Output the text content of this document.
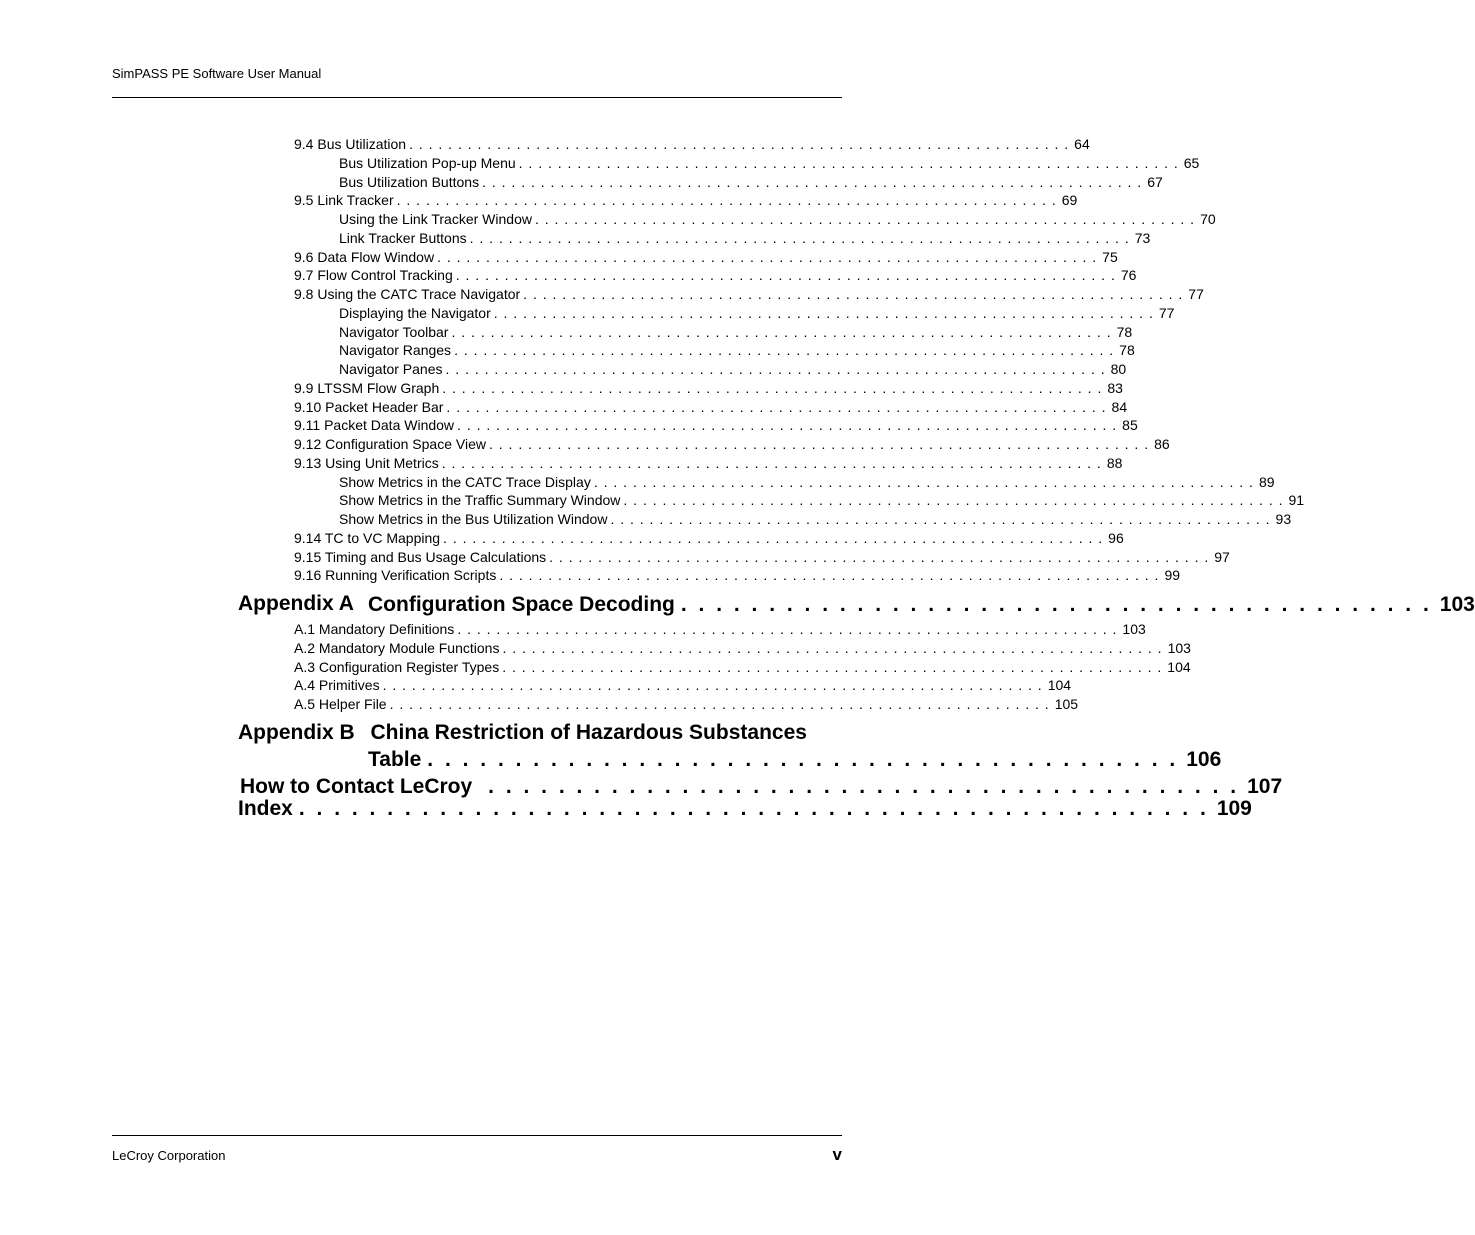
SimPASS PE Software User Manual
9.4 Bus Utilization . . . . . . . . . . . . . . . . . . . . . . . . . . . . . . . . . . . . . . . . . . . . . . . . . . . . . . . . . . . . . . . . . . . . 64
Bus Utilization Pop-up Menu . . . . . . . . . . . . . . . . . . . . . . . . . . . . . . . . . . . . . . . . . . . . . . . . . . . . . . . . . . . . . . . . . . . . 65
Bus Utilization Buttons . . . . . . . . . . . . . . . . . . . . . . . . . . . . . . . . . . . . . . . . . . . . . . . . . . . . . . . . . . . . . . . . . . . . 67
9.5 Link Tracker . . . . . . . . . . . . . . . . . . . . . . . . . . . . . . . . . . . . . . . . . . . . . . . . . . . . . . . . . . . . . . . . . . . . 69
Using the Link Tracker Window . . . . . . . . . . . . . . . . . . . . . . . . . . . . . . . . . . . . . . . . . . . . . . . . . . . . . . . . . . . . . . . . . . . . 70
Link Tracker Buttons . . . . . . . . . . . . . . . . . . . . . . . . . . . . . . . . . . . . . . . . . . . . . . . . . . . . . . . . . . . . . . . . . . . . 73
9.6 Data Flow Window . . . . . . . . . . . . . . . . . . . . . . . . . . . . . . . . . . . . . . . . . . . . . . . . . . . . . . . . . . . . . . . . . . . . 75
9.7 Flow Control Tracking . . . . . . . . . . . . . . . . . . . . . . . . . . . . . . . . . . . . . . . . . . . . . . . . . . . . . . . . . . . . . . . . . . . . 76
9.8 Using the CATC Trace Navigator . . . . . . . . . . . . . . . . . . . . . . . . . . . . . . . . . . . . . . . . . . . . . . . . . . . . . . . . . . . . . . . . . . . . 77
Displaying the Navigator . . . . . . . . . . . . . . . . . . . . . . . . . . . . . . . . . . . . . . . . . . . . . . . . . . . . . . . . . . . . . . . . . . . . 77
Navigator Toolbar . . . . . . . . . . . . . . . . . . . . . . . . . . . . . . . . . . . . . . . . . . . . . . . . . . . . . . . . . . . . . . . . . . . . 78
Navigator Ranges . . . . . . . . . . . . . . . . . . . . . . . . . . . . . . . . . . . . . . . . . . . . . . . . . . . . . . . . . . . . . . . . . . . . 78
Navigator Panes . . . . . . . . . . . . . . . . . . . . . . . . . . . . . . . . . . . . . . . . . . . . . . . . . . . . . . . . . . . . . . . . . . . . 80
9.9 LTSSM Flow Graph . . . . . . . . . . . . . . . . . . . . . . . . . . . . . . . . . . . . . . . . . . . . . . . . . . . . . . . . . . . . . . . . . . . . 83
9.10 Packet Header Bar . . . . . . . . . . . . . . . . . . . . . . . . . . . . . . . . . . . . . . . . . . . . . . . . . . . . . . . . . . . . . . . . . . . . 84
9.11 Packet Data Window . . . . . . . . . . . . . . . . . . . . . . . . . . . . . . . . . . . . . . . . . . . . . . . . . . . . . . . . . . . . . . . . . . . . 85
9.12 Configuration Space View . . . . . . . . . . . . . . . . . . . . . . . . . . . . . . . . . . . . . . . . . . . . . . . . . . . . . . . . . . . . . . . . . . . . 86
9.13 Using Unit Metrics . . . . . . . . . . . . . . . . . . . . . . . . . . . . . . . . . . . . . . . . . . . . . . . . . . . . . . . . . . . . . . . . . . . . 88
Show Metrics in the CATC Trace Display . . . . . . . . . . . . . . . . . . . . . . . . . . . . . . . . . . . . . . . . . . . . . . . . . . . . . . . . . . . . . . . . . . . . 89
Show Metrics in the Traffic Summary Window . . . . . . . . . . . . . . . . . . . . . . . . . . . . . . . . . . . . . . . . . . . . . . . . . . . . . . . . . . . . . . . . . . . . 91
Show Metrics in the Bus Utilization Window . . . . . . . . . . . . . . . . . . . . . . . . . . . . . . . . . . . . . . . . . . . . . . . . . . . . . . . . . . . . . . . . . . . . 93
9.14 TC to VC Mapping . . . . . . . . . . . . . . . . . . . . . . . . . . . . . . . . . . . . . . . . . . . . . . . . . . . . . . . . . . . . . . . . . . . . 96
9.15 Timing and Bus Usage Calculations . . . . . . . . . . . . . . . . . . . . . . . . . . . . . . . . . . . . . . . . . . . . . . . . . . . . . . . . . . . . . . . . . . . . 97
9.16 Running Verification Scripts . . . . . . . . . . . . . . . . . . . . . . . . . . . . . . . . . . . . . . . . . . . . . . . . . . . . . . . . . . . . . . . . . . . . 99
Appendix A Configuration Space Decoding . . . . . . . . . . . . . . . . . . . . . . . . . . . . . . . . . . . . . . . . . . . 103
A.1 Mandatory Definitions . . . . . . . . . . . . . . . . . . . . . . . . . . . . . . . . . . . . . . . . . . . . . . . . . . . . . . . . . . . . . . . . . . . . 103
A.2 Mandatory Module Functions . . . . . . . . . . . . . . . . . . . . . . . . . . . . . . . . . . . . . . . . . . . . . . . . . . . . . . . . . . . . . . . . . . . . 103
A.3 Configuration Register Types . . . . . . . . . . . . . . . . . . . . . . . . . . . . . . . . . . . . . . . . . . . . . . . . . . . . . . . . . . . . . . . . . . . . 104
A.4 Primitives . . . . . . . . . . . . . . . . . . . . . . . . . . . . . . . . . . . . . . . . . . . . . . . . . . . . . . . . . . . . . . . . . . . . 104
A.5 Helper File . . . . . . . . . . . . . . . . . . . . . . . . . . . . . . . . . . . . . . . . . . . . . . . . . . . . . . . . . . . . . . . . . . . . 105
Appendix B China Restriction of Hazardous Substances
Table . . . . . . . . . . . . . . . . . . . . . . . . . . . . . . . . . . . . . . . . . . . 106
How to Contact LeCroy . . . . . . . . . . . . . . . . . . . . . . . . . . . . . . . . . . . . . . . . . . . 107
Index . . . . . . . . . . . . . . . . . . . . . . . . . . . . . . . . . . . . . . . . . . . . . . . . . . . . 109
LeCroy Corporation	v
